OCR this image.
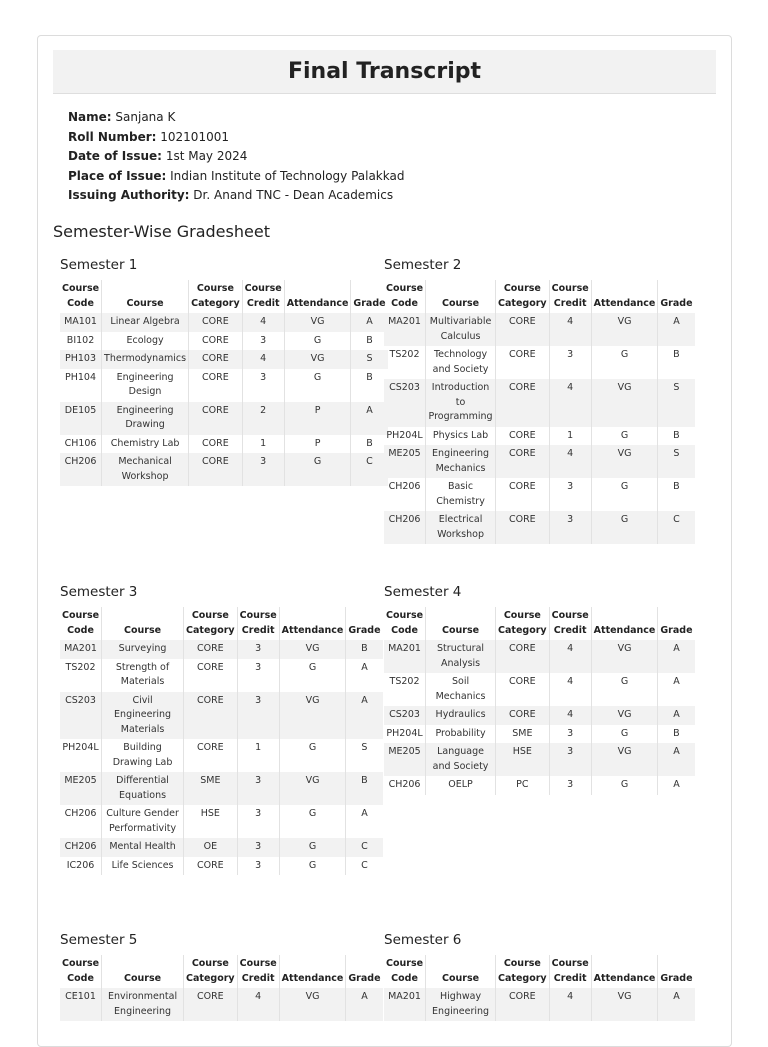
Final Transcript
Name: Sanjana K
Roll Number: 102101001
Date of Issue: 1st May 2024
Place of Issue: Indian Institute of Technology Palakkad
Issuing Authority: Dr. Anand TNC - Dean Academics
Semester-Wise Gradesheet
Semester 1
Course Code	Course	Course Category	Course Credit	Attendance	Grade
MA101	Linear Algebra	CORE	4	VG	A
BI102	Ecology	CORE	3	G	B
PH103	Thermodynamics	CORE	4	VG	S
PH104	Engineering Design	CORE	3	G	B
DE105	Engineering Drawing	CORE	2	P	A
CH106	Chemistry Lab	CORE	1	P	B
CH206	Mechanical Workshop	CORE	3	G	C
Semester 2
Course Code	Course	Course Category	Course Credit	Attendance	Grade
MA201	Multivariable Calculus	CORE	4	VG	A
TS202	Technology and Society	CORE	3	G	B
CS203	Introduction to Programming	CORE	4	VG	S
PH204L	Physics Lab	CORE	1	G	B
ME205	Engineering Mechanics	CORE	4	VG	S
CH206	Basic Chemistry	CORE	3	G	B
CH206	Electrical Workshop	CORE	3	G	C
Semester 3
Course Code	Course	Course Category	Course Credit	Attendance	Grade
MA201	Surveying	CORE	3	VG	B
TS202	Strength of Materials	CORE	3	G	A
CS203	Civil Engineering Materials	CORE	3	VG	A
PH204L	Building Drawing Lab	CORE	1	G	S
ME205	Differential Equations	SME	3	VG	B
CH206	Culture Gender Performativity	HSE	3	G	A
CH206	Mental Health	OE	3	G	C
IC206	Life Sciences	CORE	3	G	C
Semester 4
Course Code	Course	Course Category	Course Credit	Attendance	Grade
MA201	Structural Analysis	CORE	4	VG	A
TS202	Soil Mechanics	CORE	4	G	A
CS203	Hydraulics	CORE	4	VG	A
PH204L	Probability	SME	3	G	B
ME205	Language and Society	HSE	3	VG	A
CH206	OELP	PC	3	G	A
Semester 5
Course Code	Course	Course Category	Course Credit	Attendance	Grade
CE101	Environmental Engineering	CORE	4	VG	A
Semester 6
Course Code	Course	Course Category	Course Credit	Attendance	Grade
MA201	Highway Engineering	CORE	4	VG	A
